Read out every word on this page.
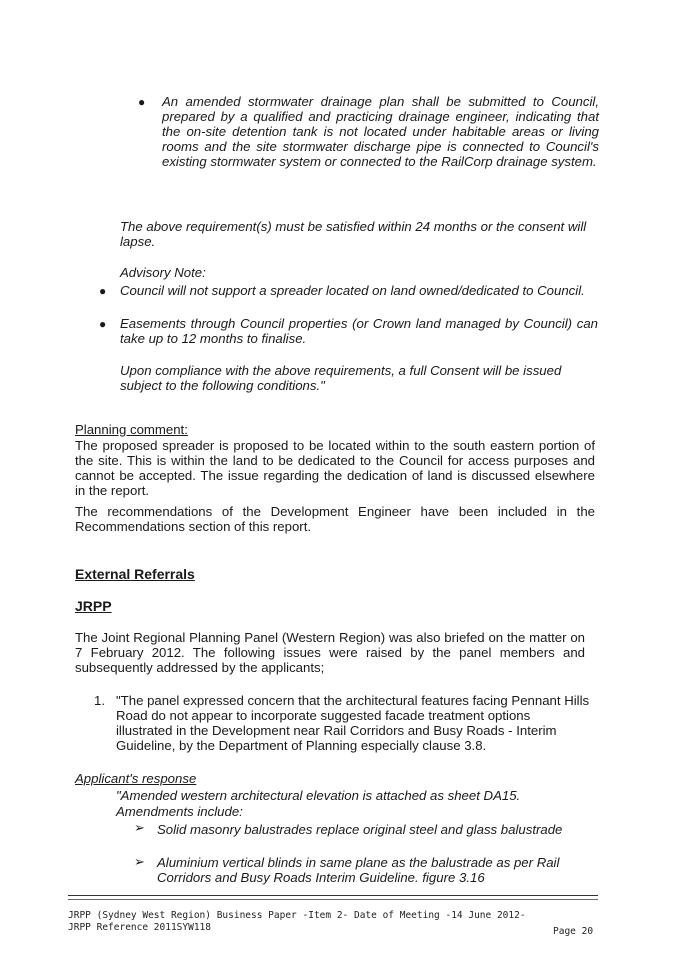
● An amended stormwater drainage plan shall be submitted to Council, prepared by a qualified and practicing drainage engineer, indicating that the on-site detention tank is not located under habitable areas or living rooms and the site stormwater discharge pipe is connected to Council's existing stormwater system or connected to the RailCorp drainage system.
The above requirement(s) must be satisfied within 24 months or the consent will lapse.
Advisory Note:
● Council will not support a spreader located on land owned/dedicated to Council.
● Easements through Council properties (or Crown land managed by Council) can take up to 12 months to finalise.
Upon compliance with the above requirements, a full Consent will be issued subject to the following conditions."
Planning comment:
The proposed spreader is proposed to be located within to the south eastern portion of the site. This is within the land to be dedicated to the Council for access purposes and cannot be accepted. The issue regarding the dedication of land is discussed elsewhere in the report.
The recommendations of the Development Engineer have been included in the Recommendations section of this report.
External Referrals
JRPP
The Joint Regional Planning Panel (Western Region) was also briefed on the matter on 7 February 2012. The following issues were raised by the panel members and subsequently addressed by the applicants;
1. "The panel expressed concern that the architectural features facing Pennant Hills Road do not appear to incorporate suggested facade treatment options illustrated in the Development near Rail Corridors and Busy Roads - Interim Guideline, by the Department of Planning especially clause 3.8.
Applicant's response
"Amended western architectural elevation is attached as sheet DA15.
Amendments include:
➢ Solid masonry balustrades replace original steel and glass balustrade
➢ Aluminium vertical blinds in same plane as the balustrade as per Rail Corridors and Busy Roads Interim Guideline. figure 3.16
JRPP (Sydney West Region) Business Paper -Item 2- Date of Meeting -14 June 2012-
JRPP Reference 2011SYW118	Page 20
